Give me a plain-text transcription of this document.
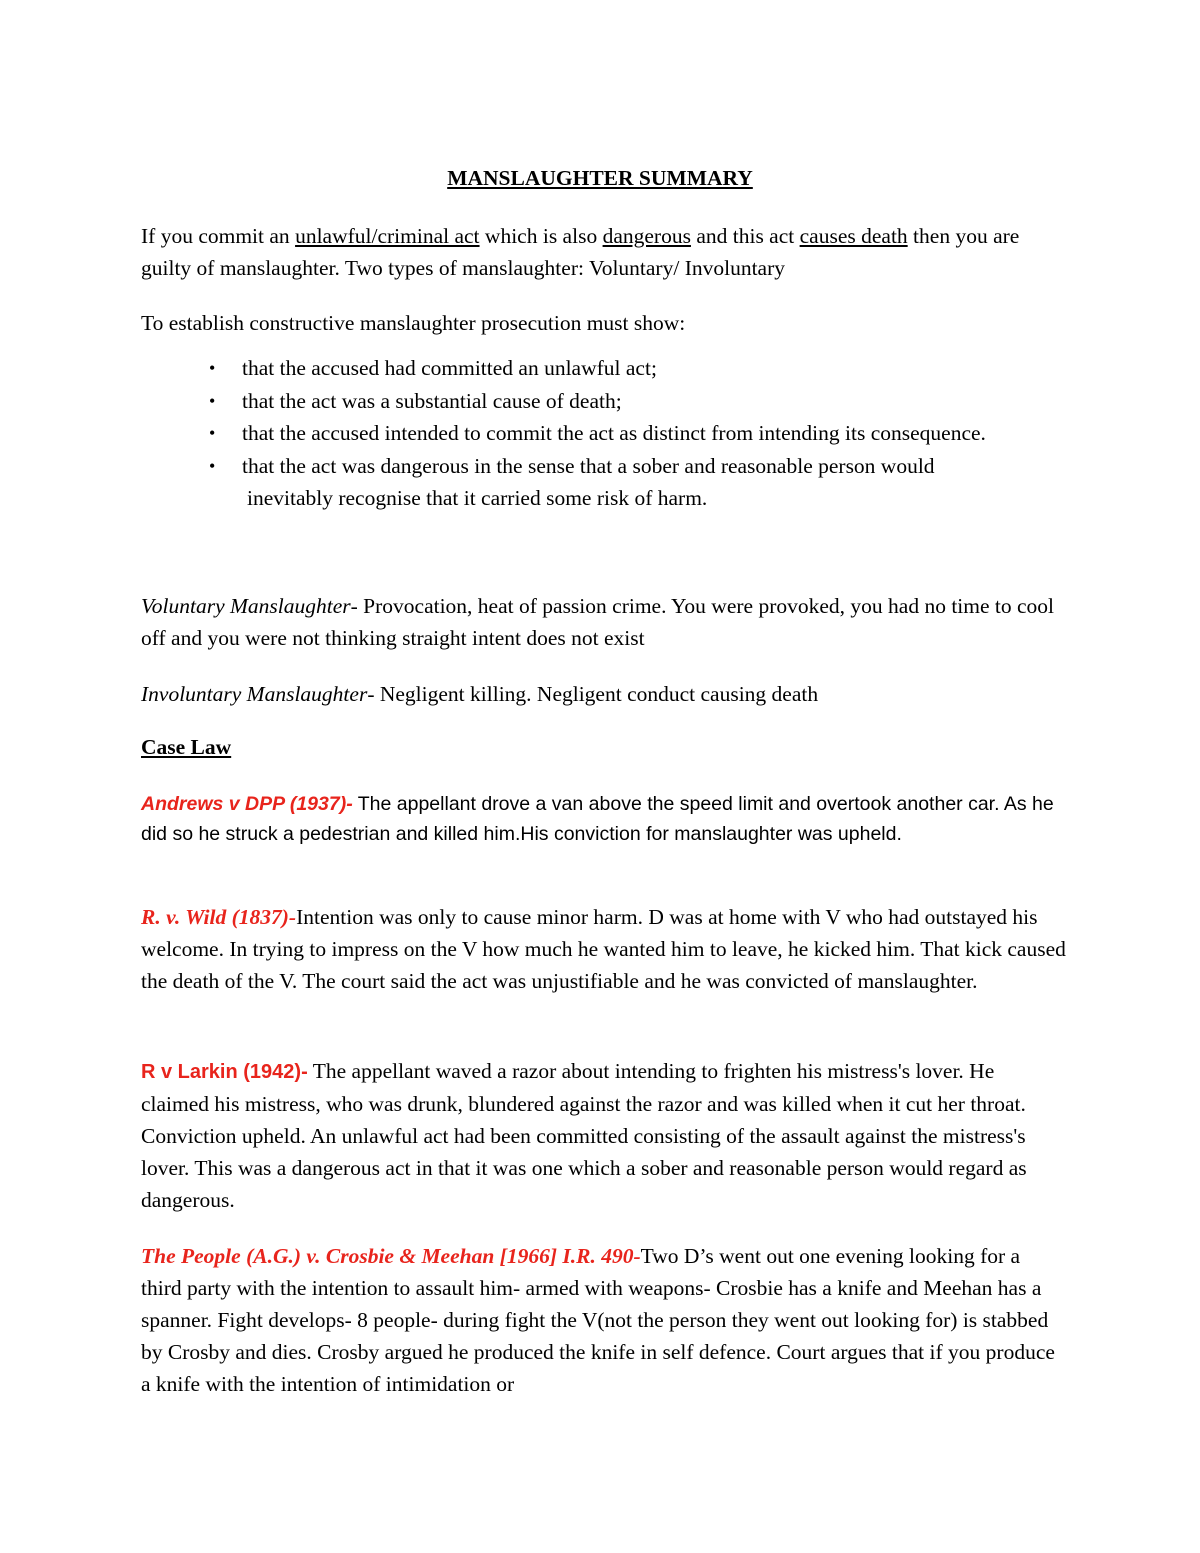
MANSLAUGHTER SUMMARY
If you commit an unlawful/criminal act which is also dangerous and this act causes death then you are guilty of manslaughter. Two types of manslaughter: Voluntary/ Involuntary
To establish constructive manslaughter prosecution must show:
• that the accused had committed an unlawful act;
• that the act was a substantial cause of death;
• that the accused intended to commit the act as distinct from intending its consequence.
• that the act was dangerous in the sense that a sober and reasonable person would
inevitably recognise that it carried some risk of harm.
Voluntary Manslaughter- Provocation, heat of passion crime. You were provoked, you had no time to cool off and you were not thinking straight intent does not exist
Involuntary Manslaughter- Negligent killing. Negligent conduct causing death
Case Law
Andrews v DPP (1937)- The appellant drove a van above the speed limit and overtook another car. As he did so he struck a pedestrian and killed him.His conviction for manslaughter was upheld.
R. v. Wild (1837)-Intention was only to cause minor harm. D was at home with V who had outstayed his welcome. In trying to impress on the V how much he wanted him to leave, he kicked him. That kick caused the death of the V. The court said the act was unjustifiable and he was convicted of manslaughter.
R v Larkin (1942)- The appellant waved a razor about intending to frighten his mistress's lover. He claimed his mistress, who was drunk, blundered against the razor and was killed when it cut her throat. Conviction upheld. An unlawful act had been committed consisting of the assault against the mistress's lover. This was a dangerous act in that it was one which a sober and reasonable person would regard as dangerous.
The People (A.G.) v. Crosbie & Meehan [1966] I.R. 490-Two D’s went out one evening looking for a third party with the intention to assault him- armed with weapons- Crosbie has a knife and Meehan has a spanner. Fight develops- 8 people- during fight the V(not the person they went out looking for) is stabbed by Crosby and dies. Crosby argued he produced the knife in self defence. Court argues that if you produce a knife with the intention of intimidation or
